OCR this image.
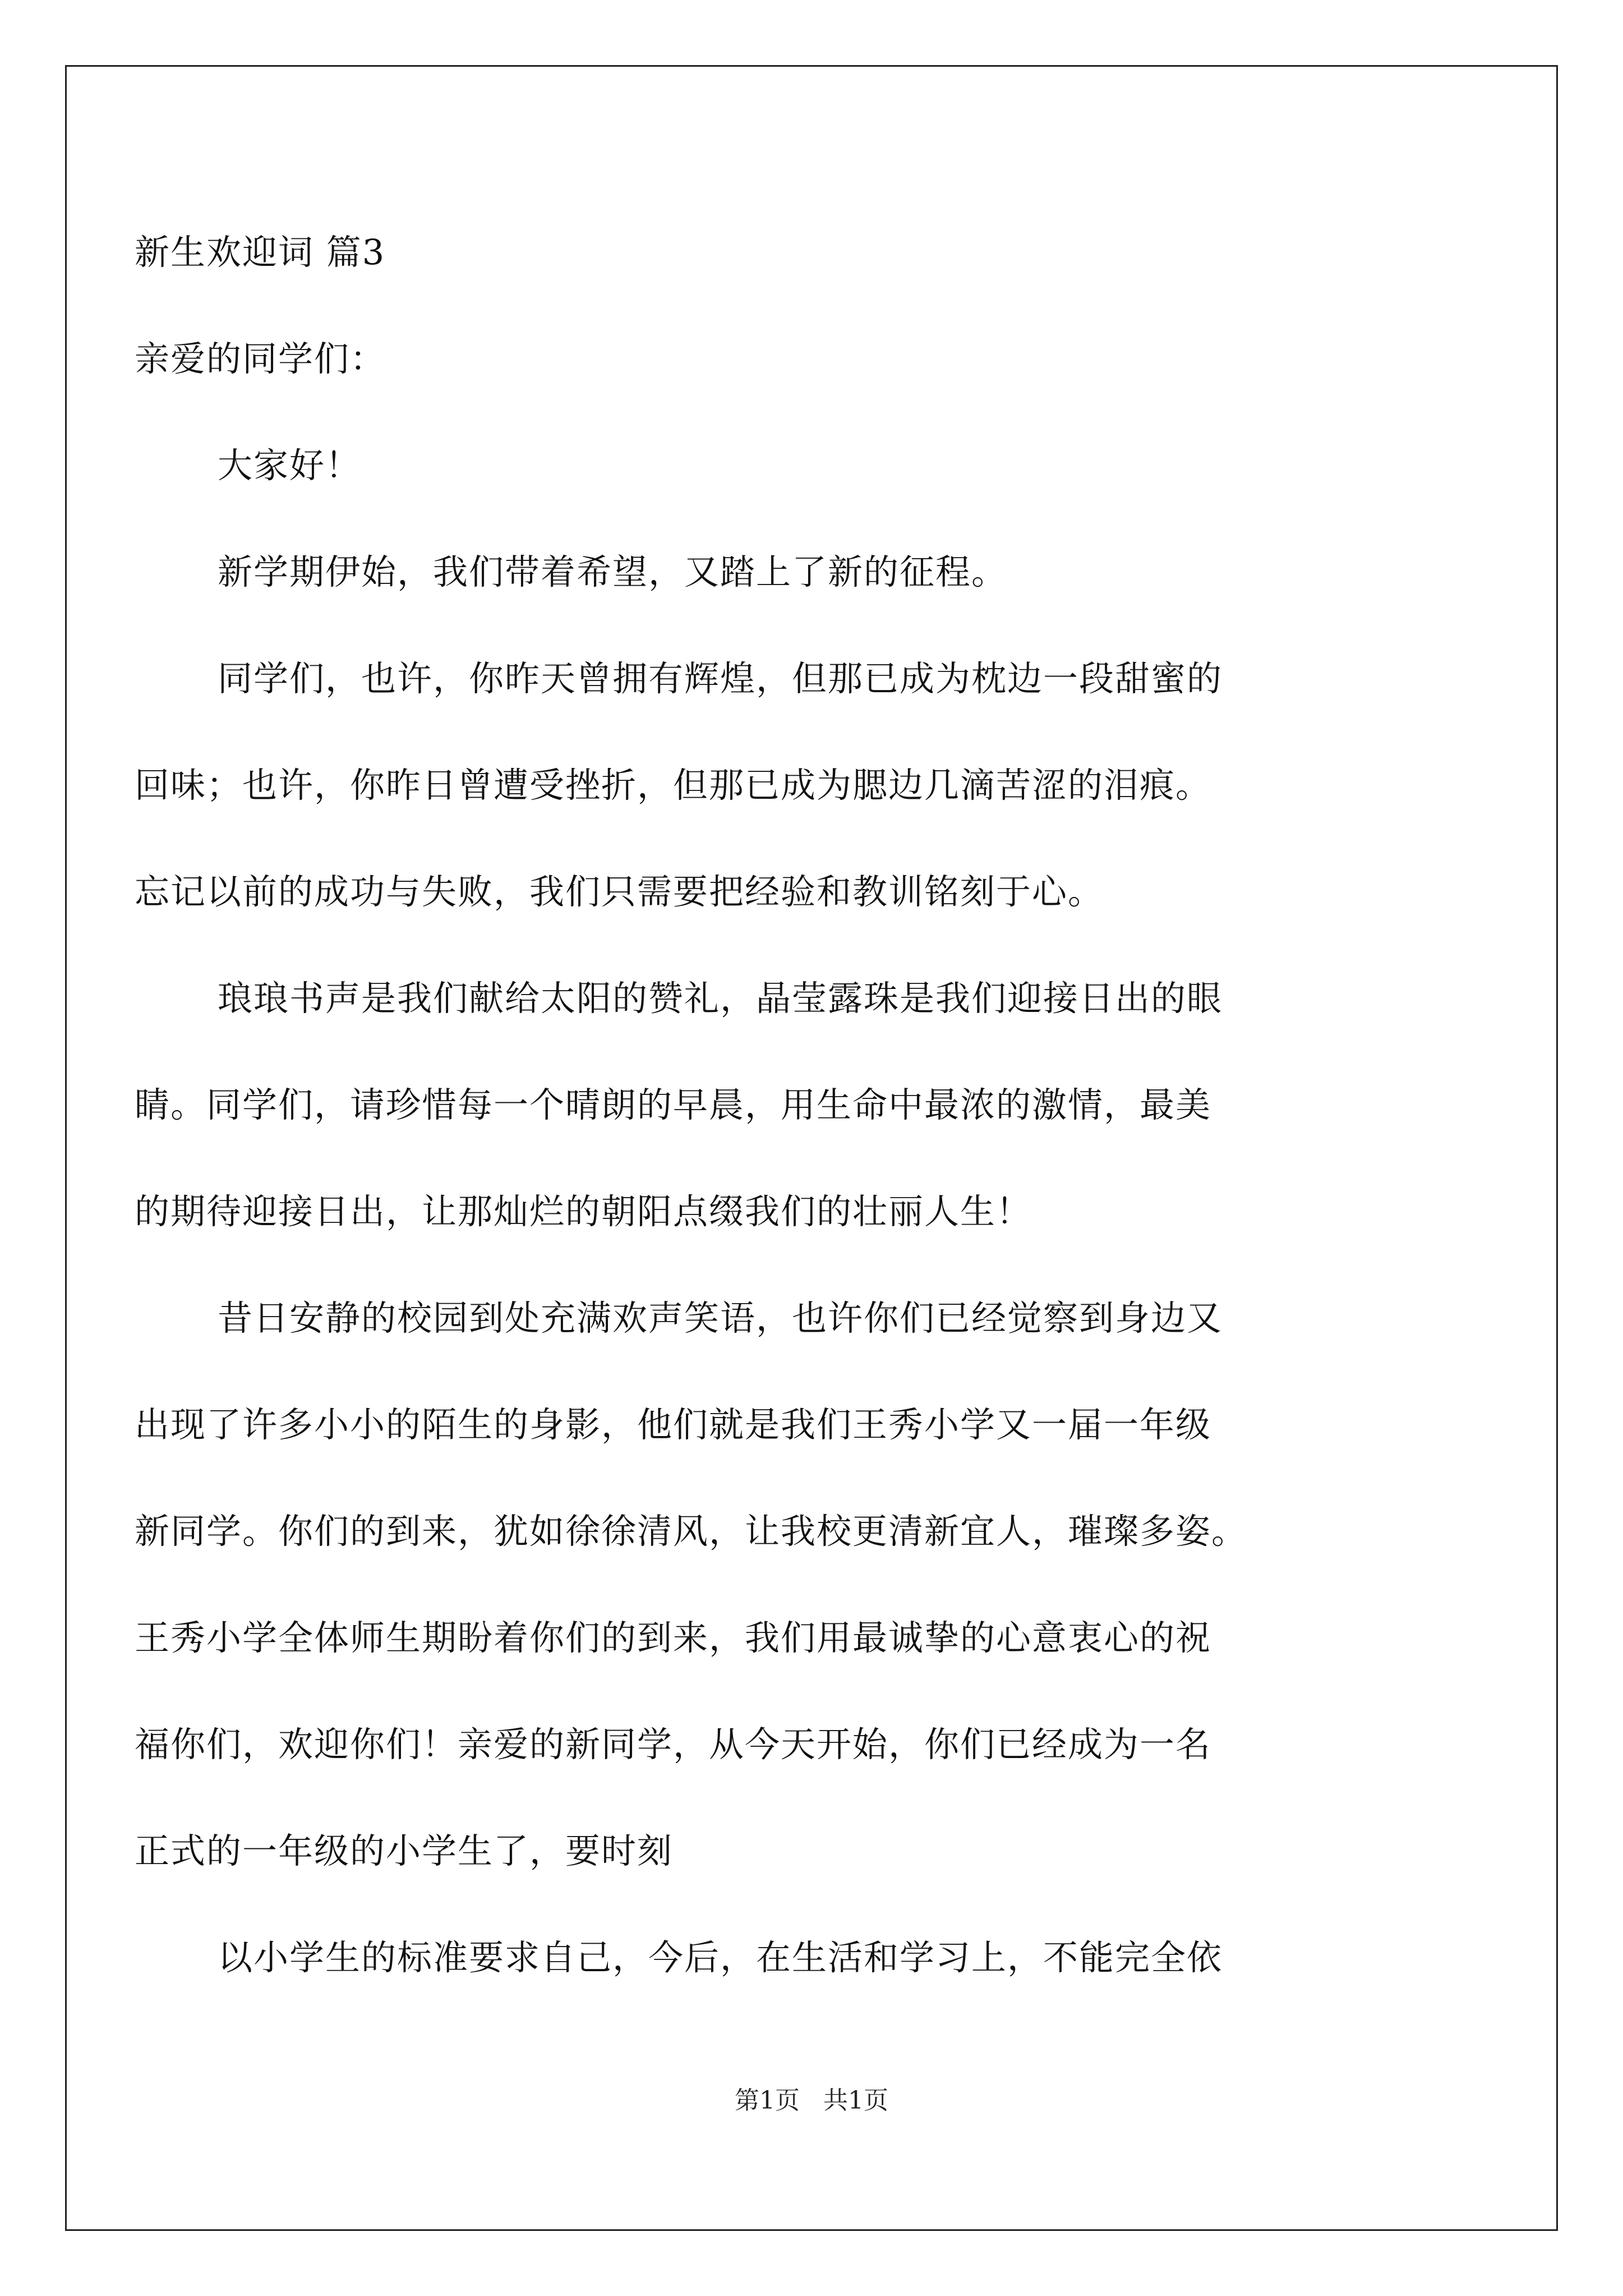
新生欢迎词 篇3
亲爱的同学们：

大家好！

新学期伊始，我们带着希望，又踏上了新的征程。

同学们，也许，你昨天曾拥有辉煌，但那已成为枕边一段甜蜜的
回味；也许，你昨日曾遭受挫折，但那已成为腮边几滴苦涩的泪痕。
忘记以前的成功与失败，我们只需要把经验和教训铭刻于心。

琅琅书声是我们献给太阳的赞礼，晶莹露珠是我们迎接日出的眼
睛。同学们，请珍惜每一个晴朗的早晨，用生命中最浓的激情，最美
的期待迎接日出，让那灿烂的朝阳点缀我们的壮丽人生！

昔日安静的校园到处充满欢声笑语，也许你们已经觉察到身边又
出现了许多小小的陌生的身影，他们就是我们王秀小学又一届一年级
新同学。你们的到来，犹如徐徐清风，让我校更清新宜人，璀璨多姿。
王秀小学全体师生期盼着你们的到来，我们用最诚挚的心意衷心的祝
福你们，欢迎你们！亲爱的新同学，从今天开始，你们已经成为一名
正式的一年级的小学生了，要时刻

以小学生的标准要求自己，今后，在生活和学习上，不能完全依

第1页   共1页
